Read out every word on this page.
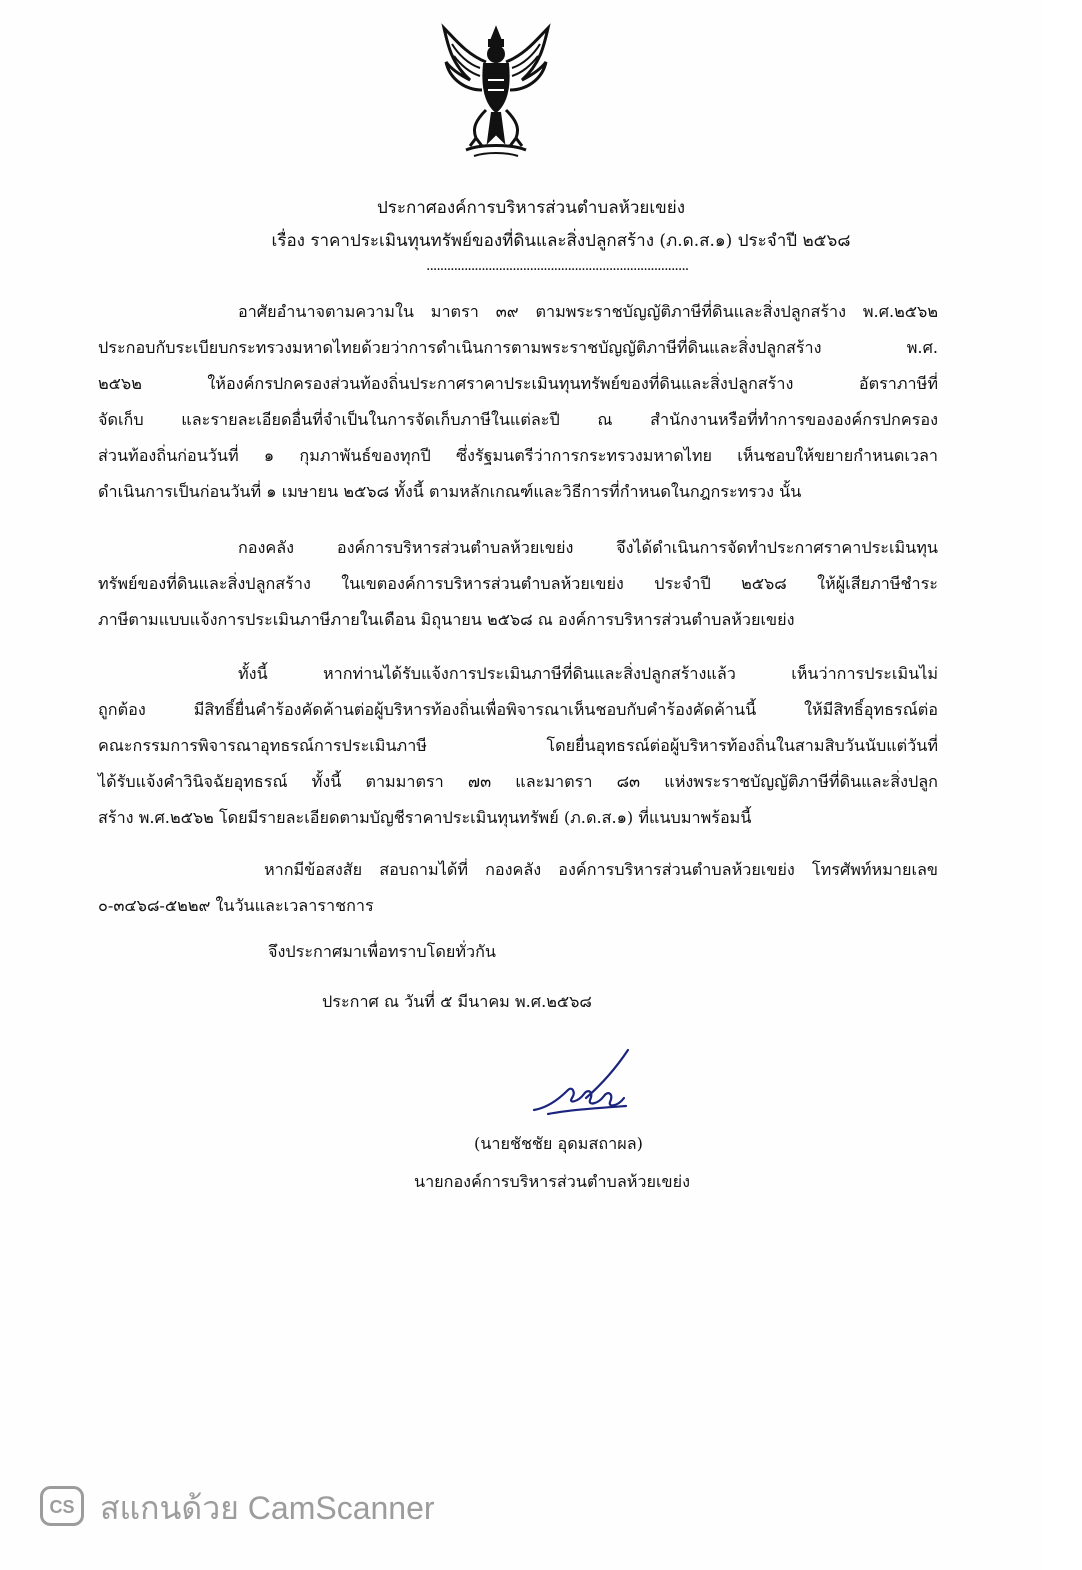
ประกาศองค์การบริหารส่วนตำบลห้วยเขย่ง
เรื่อง ราคาประเมินทุนทรัพย์ของที่ดินและสิ่งปลูกสร้าง (ภ.ด.ส.๑) ประจำปี ๒๕๖๘
............................................................................
อาศัยอำนาจตามความใน มาตรา ๓๙ ตามพระราชบัญญัติภาษีที่ดินและสิ่งปลูกสร้าง พ.ศ.๒๕๖๒
ประกอบกับระเบียบกระทรวงมหาดไทยด้วยว่าการดำเนินการตามพระราชบัญญัติภาษีที่ดินและสิ่งปลูกสร้าง พ.ศ.
๒๕๖๒ ให้องค์กรปกครองส่วนท้องถิ่นประกาศราคาประเมินทุนทรัพย์ของที่ดินและสิ่งปลูกสร้าง อัตราภาษีที่
จัดเก็บ และรายละเอียดอื่นที่จำเป็นในการจัดเก็บภาษีในแต่ละปี ณ สำนักงานหรือที่ทำการขององค์กรปกครอง
ส่วนท้องถิ่นก่อนวันที่ ๑ กุมภาพันธ์ของทุกปี ซึ่งรัฐมนตรีว่าการกระทรวงมหาดไทย เห็นชอบให้ขยายกำหนดเวลา
ดำเนินการเป็นก่อนวันที่ ๑ เมษายน ๒๕๖๘ ทั้งนี้ ตามหลักเกณฑ์และวิธีการที่กำหนดในกฎกระทรวง นั้น
กองคลัง องค์การบริหารส่วนตำบลห้วยเขย่ง จึงได้ดำเนินการจัดทำประกาศราคาประเมินทุน
ทรัพย์ของที่ดินและสิ่งปลูกสร้าง ในเขตองค์การบริหารส่วนตำบลห้วยเขย่ง ประจำปี ๒๕๖๘ ให้ผู้เสียภาษีชำระ
ภาษีตามแบบแจ้งการประเมินภาษีภายในเดือน มิถุนายน ๒๕๖๘ ณ องค์การบริหารส่วนตำบลห้วยเขย่ง
ทั้งนี้ หากท่านได้รับแจ้งการประเมินภาษีที่ดินและสิ่งปลูกสร้างแล้ว เห็นว่าการประเมินไม่
ถูกต้อง มีสิทธิ์ยื่นคำร้องคัดค้านต่อผู้บริหารท้องถิ่นเพื่อพิจารณาเห็นชอบกับคำร้องคัดค้านนี้ ให้มีสิทธิ์อุทธรณ์ต่อ
คณะกรรมการพิจารณาอุทธรณ์การประเมินภาษี โดยยื่นอุทธรณ์ต่อผู้บริหารท้องถิ่นในสามสิบวันนับแต่วันที่
ได้รับแจ้งคำวินิจฉัยอุทธรณ์ ทั้งนี้ ตามมาตรา ๗๓ และมาตรา ๘๓ แห่งพระราชบัญญัติภาษีที่ดินและสิ่งปลูก
สร้าง พ.ศ.๒๕๖๒ โดยมีรายละเอียดตามบัญชีราคาประเมินทุนทรัพย์ (ภ.ด.ส.๑) ที่แนบมาพร้อมนี้
หากมีข้อสงสัย สอบถามได้ที่ กองคลัง องค์การบริหารส่วนตำบลห้วยเขย่ง โทรศัพท์หมายเลข
๐-๓๔๖๘-๕๒๒๙ ในวันและเวลาราชการ
จึงประกาศมาเพื่อทราบโดยทั่วกัน
ประกาศ ณ วันที่ ๕ มีนาคม พ.ศ.๒๕๖๘
(นายชัชชัย อุดมสถาผล)
นายกองค์การบริหารส่วนตำบลห้วยเขย่ง
CS สแกนด้วย CamScanner
